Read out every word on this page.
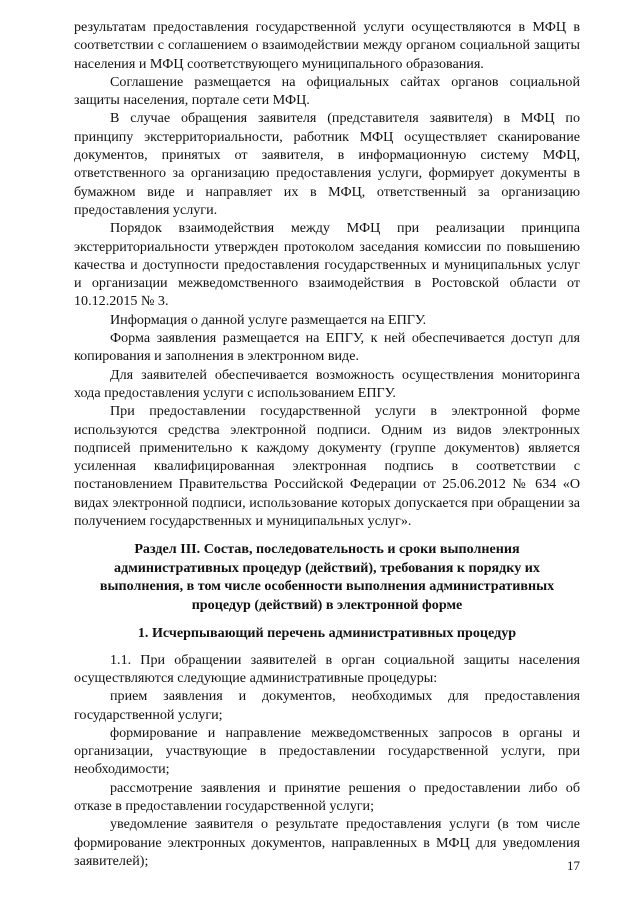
результатам предоставления государственной услуги осуществляются в МФЦ в соответствии с соглашением о взаимодействии между органом социальной защиты населения и МФЦ соответствующего муниципального образования.

Соглашение размещается на официальных сайтах органов социальной защиты населения, портале сети МФЦ.

В случае обращения заявителя (представителя заявителя) в МФЦ по принципу экстерриториальности, работник МФЦ осуществляет сканирование документов, принятых от заявителя, в информационную систему МФЦ, ответственного за организацию предоставления услуги, формирует документы в бумажном виде и направляет их в МФЦ, ответственный за организацию предоставления услуги.

Порядок взаимодействия между МФЦ при реализации принципа экстерриториальности утвержден протоколом заседания комиссии по повышению качества и доступности предоставления государственных и муниципальных услуг и организации межведомственного взаимодействия в Ростовской области от 10.12.2015 № 3.

Информация о данной услуге размещается на ЕПГУ.

Форма заявления размещается на ЕПГУ, к ней обеспечивается доступ для копирования и заполнения в электронном виде.

Для заявителей обеспечивается возможность осуществления мониторинга хода предоставления услуги с использованием ЕПГУ.

При предоставлении государственной услуги в электронной форме используются средства электронной подписи. Одним из видов электронных подписей применительно к каждому документу (группе документов) является усиленная квалифицированная электронная подпись в соответствии с постановлением Правительства Российской Федерации от 25.06.2012 № 634 «О видах электронной подписи, использование которых допускается при обращении за получением государственных и муниципальных услуг».

Раздел III. Состав, последовательность и сроки выполнения административных процедур (действий), требования к порядку их выполнения, в том числе особенности выполнения административных процедур (действий) в электронной форме
1. Исчерпывающий перечень административных процедур

1.1. При обращении заявителей в орган социальной защиты населения осуществляются следующие административные процедуры:

прием заявления и документов, необходимых для предоставления государственной услуги;

формирование и направление межведомственных запросов в органы и организации, участвующие в предоставлении государственной услуги, при необходимости;

рассмотрение заявления и принятие решения о предоставлении либо об отказе в предоставлении государственной услуги;

уведомление заявителя о результате предоставления услуги (в том числе формирование электронных документов, направленных в МФЦ для уведомления заявителей);	17
